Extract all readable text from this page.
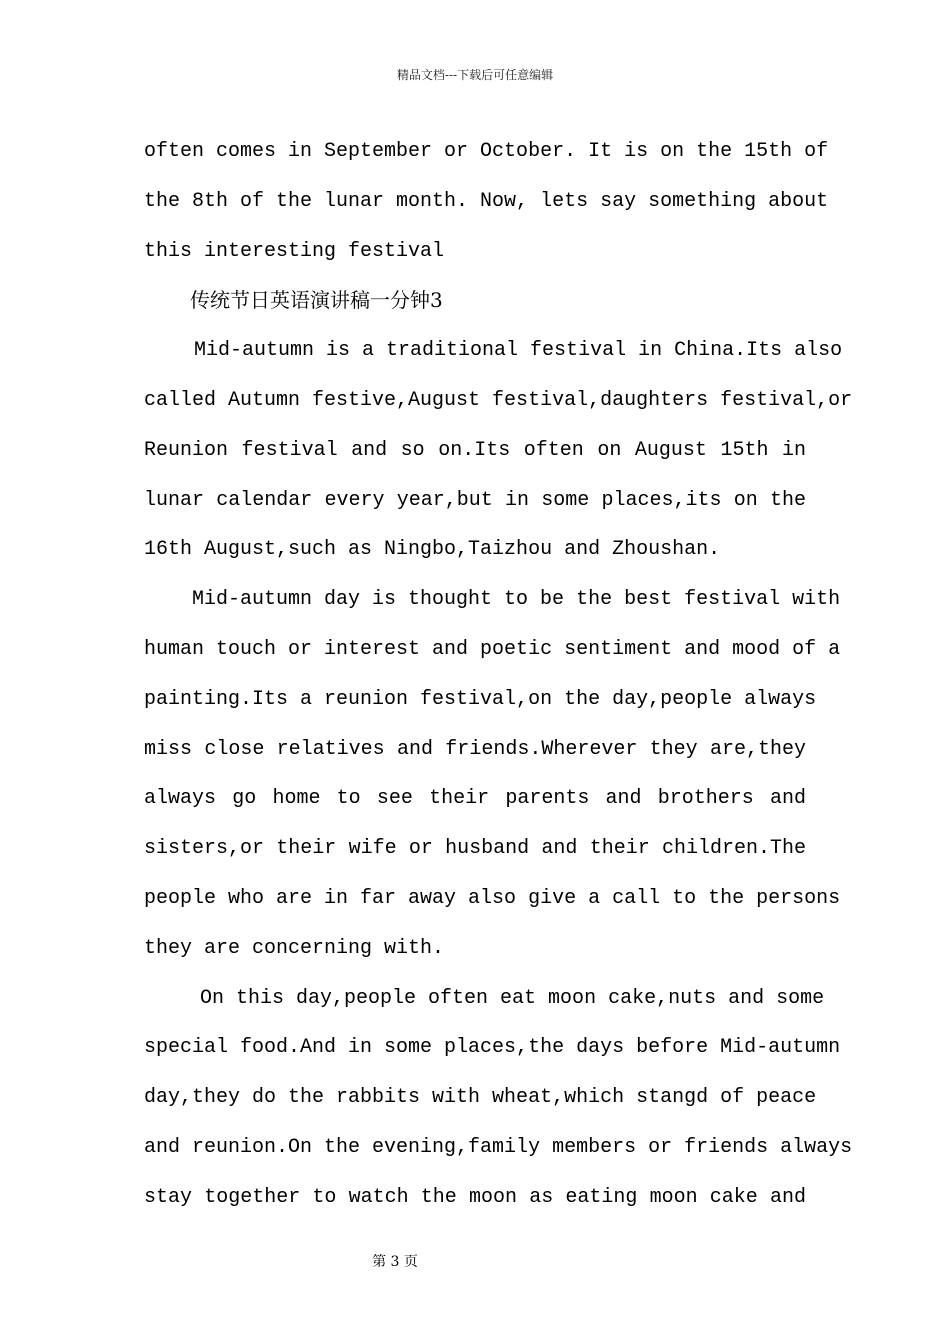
精品文档---下载后可任意编辑
often comes in September or October. It is on the 15th of
the 8th of the lunar month. Now, lets say something about
this interesting festival
传统节日英语演讲稿一分钟3
Mid-autumn is a traditional festival in China.Its also
called Autumn festive,August festival,daughters festival,or
Reunion festival and so on.Its often on August 15th in
lunar calendar every year,but in some places,its on the
16th August,such as Ningbo,Taizhou and Zhoushan.
Mid-autumn day is thought to be the best festival with
human touch or interest and poetic sentiment and mood of a
painting.Its a reunion festival,on the day,people always
miss close relatives and friends.Wherever they are,they
always go home to see their parents and brothers and
sisters,or their wife or husband and their children.The
people who are in far away also give a call to the persons
they are concerning with.
On this day,people often eat moon cake,nuts and some
special food.And in some places,the days before Mid-autumn
day,they do the rabbits with wheat,which stangd of peace
and reunion.On the evening,family members or friends always
stay together to watch the moon as eating moon cake and
第 3 页
